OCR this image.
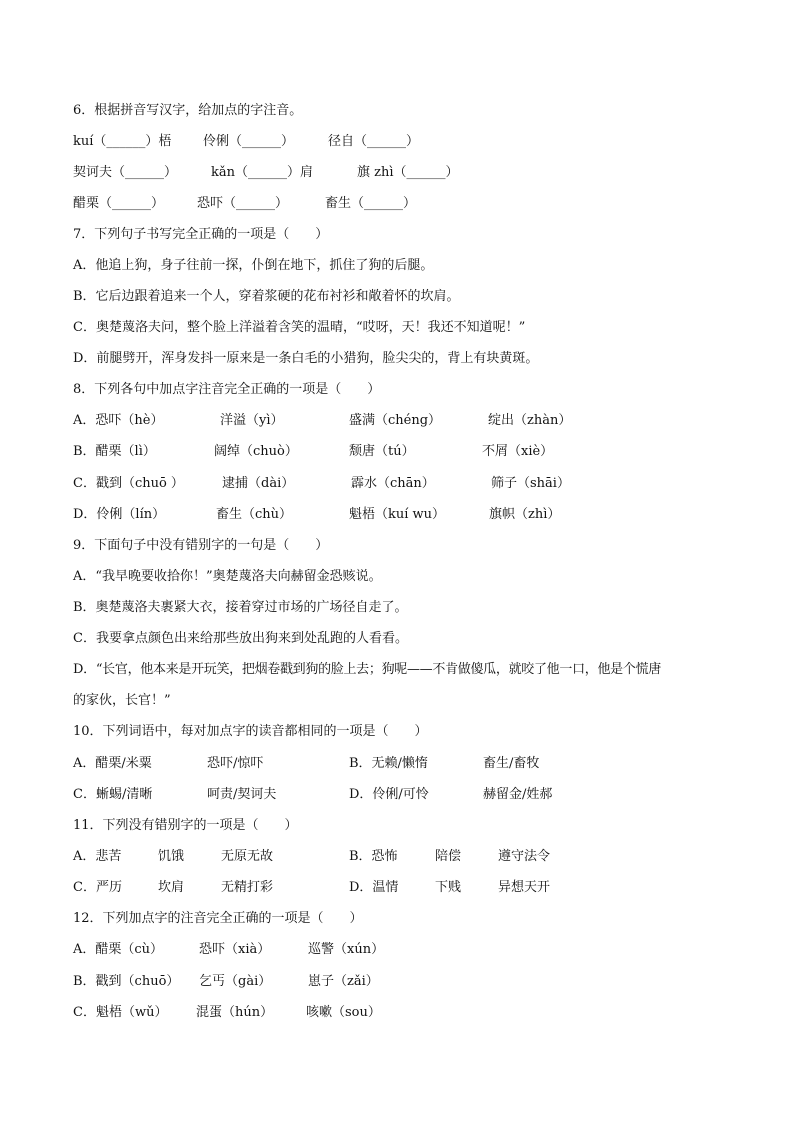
6．根据拼音写汉字，给加点的字注音。
kuí（______）梧 伶俐（______）	径自（______）
契诃夫（______）	kǎn（______）肩	旗 zhì（______）
醋栗（______）	恐吓（______）	畜生（______）
7．下列句子书写完全正确的一项是（　　）
A．他追上狗，身子往前一探，仆倒在地下，抓住了狗的后腿。
B．它后边跟着追来一个人，穿着浆硬的花布衬衫和敞着怀的坎肩。
C．奥楚蔑洛夫问，整个脸上洋溢着含笑的温晴，“哎呀，天！我还不知道呢！”
D．前腿劈开，浑身发抖一原来是一条白毛的小猎狗，脸尖尖的，背上有块黄斑。
8．下列各句中加点字注音完全正确的一项是（　　）
A．恐吓（hè）	洋溢（yì）	盛满（chéng）	绽出（zhàn）
B．醋栗（lì）	阔绰（chuò）	颓唐（tú）	不屑（xiè）
C．戳到（chuō ）	逮捕（dài）	霹水（chān）	筛子（shāi）
D．伶俐（lín）	畜生（chù）	魁梧（kuí wu）	旗帜（zhì）
9．下面句子中没有错别字的一句是（　　）
A．“我早晚要收拾你！”奥楚蔑洛夫向赫留金恐赅说。
B．奥楚蔑洛夫裹紧大衣，接着穿过市场的广场径自走了。
C．我要拿点颜色出来给那些放出狗来到处乱跑的人看看。
D．“长官，他本来是开玩笑，把烟卷戳到狗的脸上去；狗呢——不肯做傻瓜，就咬了他一口，他是个慌唐
的家伙，长官！”
10．下列词语中，每对加点字的读音都相同的一项是（　　）
A．醋栗/米粟	恐吓/惊吓	B．无赖/懒惰	畜生/畜牧
C．蜥蜴/清晰	呵责/契诃夫	D．伶俐/可怜	赫留金/姓郝
11．下列没有错别字的一项是（　　）
A．悲苦	饥饿	无原无故	B．恐怖	陪偿	遵守法令
C．严历	坎肩	无精打彩	D．温情	下贱	异想天开
12．下列加点字的注音完全正确的一项是（　　）
A．醋栗（cù）	恐吓（xià）	巡警（xún）
B．戳到（chuō） 乞丐（gài）	崽子（zǎi）
C．魁梧（wǔ） 混蛋（hún）	咳嗽（sou）
